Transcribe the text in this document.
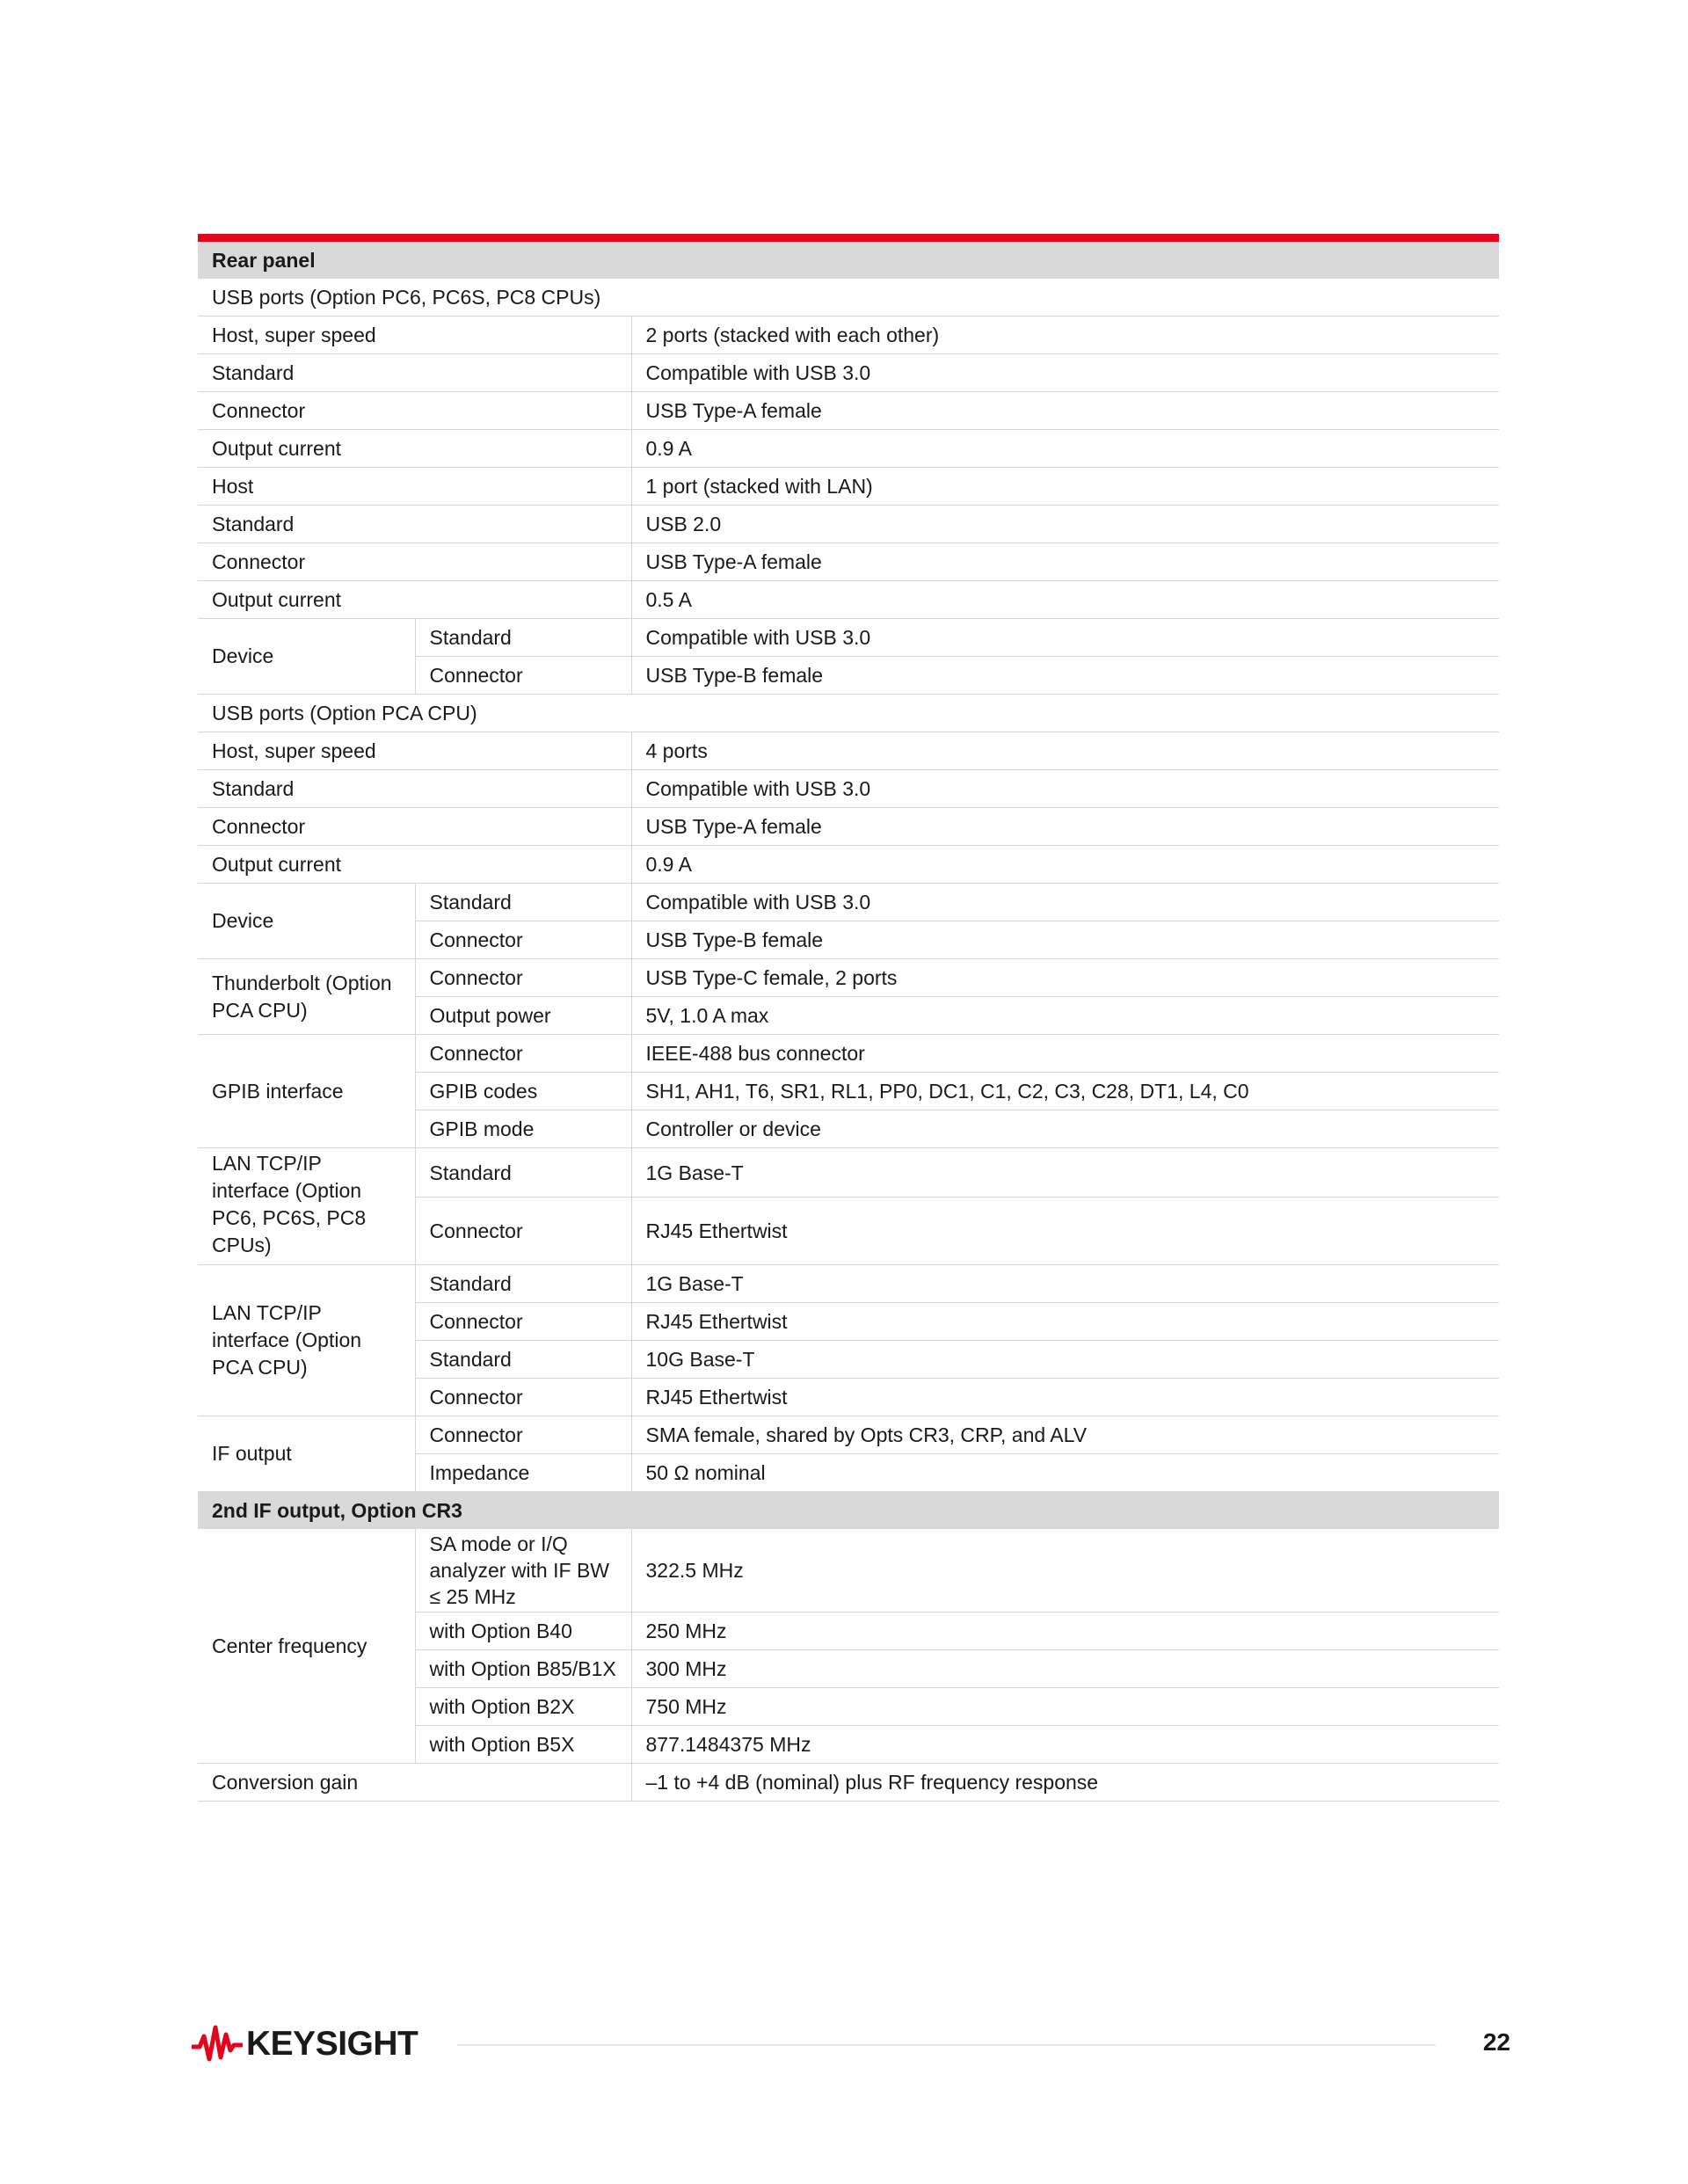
Rear panel		
USB ports (Option PC6, PC6S, PC8 CPUs)		
Host, super speed		2 ports (stacked with each other)
Standard		Compatible with USB 3.0
Connector		USB Type-A female
Output current		0.9 A
Host		1 port (stacked with LAN)
Standard		USB 2.0
Connector		USB Type-A female
Output current		0.5 A
Device	Standard	Compatible with USB 3.0
	Connector	USB Type-B female
USB ports (Option PCA CPU)		
Host, super speed		4 ports
Standard		Compatible with USB 3.0
Connector		USB Type-A female
Output current		0.9 A
Device	Standard	Compatible with USB 3.0
	Connector	USB Type-B female
Thunderbolt (Option PCA CPU)	Connector	USB Type-C female, 2 ports
	Output power	5V, 1.0 A max
GPIB interface	Connector	IEEE-488 bus connector
	GPIB codes	SH1, AH1, T6, SR1, RL1, PP0, DC1, C1, C2, C3, C28, DT1, L4, C0
	GPIB mode	Controller or device
LAN TCP/IP interface (Option PC6, PC6S, PC8 CPUs)	Standard	1G Base-T
	Connector	RJ45 Ethertwist
LAN TCP/IP interface (Option PCA CPU)	Standard	1G Base-T
	Connector	RJ45 Ethertwist
	Standard	10G Base-T
	Connector	RJ45 Ethertwist
IF output	Connector	SMA female, shared by Opts CR3, CRP, and ALV
	Impedance	50 Ω nominal
2nd IF output, Option CR3		
Center frequency	SA mode or I/Q analyzer with IF BW ≤ 25 MHz	322.5 MHz
	with Option B40	250 MHz
	with Option B85/B1X	300 MHz
	with Option B2X	750 MHz
	with Option B5X	877.1484375 MHz
Conversion gain		–1 to +4 dB (nominal) plus RF frequency response
KEYSIGHT	22
